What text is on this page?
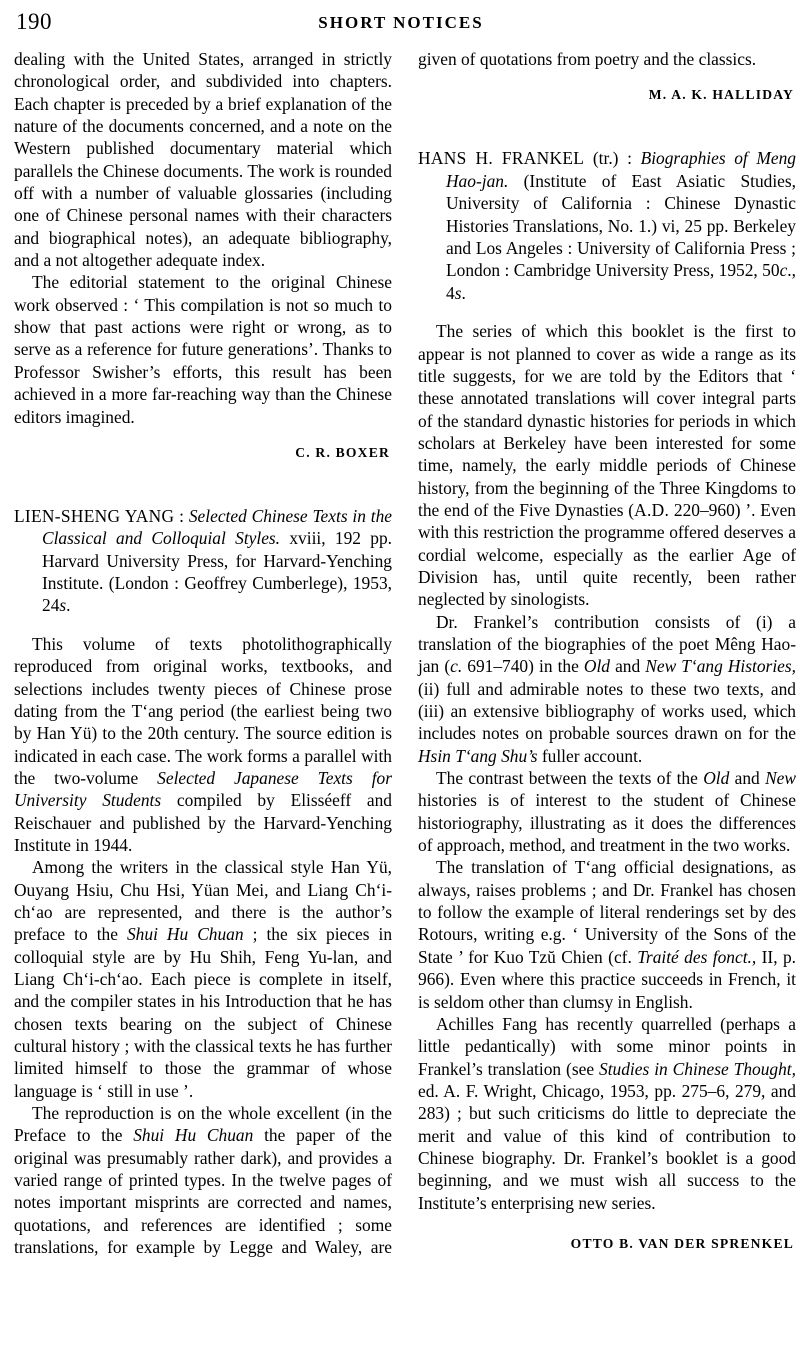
190	SHORT NOTICES

dealing with the United States, arranged in strictly chronological order, and subdivided into chapters. Each chapter is preceded by a brief explanation of the nature of the documents concerned, and a note on the Western published documentary material which parallels the Chinese documents. The work is rounded off with a number of valuable glossaries (including one of Chinese personal names with their characters and biographical notes), an adequate bibliography, and a not altogether adequate index.

The editorial statement to the original Chinese work observed : ‘ This compilation is not so much to show that past actions were right or wrong, as to serve as a reference for future generations’. Thanks to Professor Swisher’s efforts, this result has been achieved in a more far-reaching way than the Chinese editors imagined.

C. R. BOXER

LIEN-SHENG YANG : Selected Chinese Texts in the Classical and Colloquial Styles. xviii, 192 pp. Harvard University Press, for Harvard-Yenching Institute. (London : Geoffrey Cumberlege), 1953, 24s.

This volume of texts photolithographically reproduced from original works, textbooks, and selections includes twenty pieces of Chinese prose dating from the T‘ang period (the earliest being two by Han Yü) to the 20th century. The source edition is indicated in each case. The work forms a parallel with the two-volume Selected Japanese Texts for University Students compiled by Elisséeff and Reischauer and published by the Harvard-Yenching Institute in 1944.

Among the writers in the classical style Han Yü, Ouyang Hsiu, Chu Hsi, Yüan Mei, and Liang Ch‘i-ch‘ao are represented, and there is the author’s preface to the Shui Hu Chuan ; the six pieces in colloquial style are by Hu Shih, Feng Yu-lan, and Liang Ch‘i-ch‘ao. Each piece is complete in itself, and the compiler states in his Introduction that he has chosen texts bearing on the subject of Chinese cultural history ; with the classical texts he has further limited himself to those the grammar of whose language is ‘ still in use ’.

The reproduction is on the whole excellent (in the Preface to the Shui Hu Chuan the paper of the original was presumably rather dark), and provides a varied range of printed types. In the twelve pages of notes important misprints are corrected and names, quotations, and references are identified ; some translations, for example by Legge and Waley, are

given of quotations from poetry and the classics.

M. A. K. HALLIDAY

HANS H. FRANKEL (tr.) : Biographies of Meng Hao-jan. (Institute of East Asiatic Studies, University of California : Chinese Dynastic Histories Translations, No. 1.) vi, 25 pp. Berkeley and Los Angeles : University of California Press ; London : Cambridge University Press, 1952, 50c., 4s.

The series of which this booklet is the first to appear is not planned to cover as wide a range as its title suggests, for we are told by the Editors that ‘ these annotated translations will cover integral parts of the standard dynastic histories for periods in which scholars at Berkeley have been interested for some time, namely, the early middle periods of Chinese history, from the beginning of the Three Kingdoms to the end of the Five Dynasties (A.D. 220–960) ’. Even with this restriction the programme offered deserves a cordial welcome, especially as the earlier Age of Division has, until quite recently, been rather neglected by sinologists.

Dr. Frankel’s contribution consists of (i) a translation of the biographies of the poet Mêng Hao-jan (c. 691–740) in the Old and New T‘ang Histories, (ii) full and admirable notes to these two texts, and (iii) an extensive bibliography of works used, which includes notes on probable sources drawn on for the Hsin T‘ang Shu’s fuller account.

The contrast between the texts of the Old and New histories is of interest to the student of Chinese historiography, illustrating as it does the differences of approach, method, and treatment in the two works.

The translation of T‘ang official designations, as always, raises problems ; and Dr. Frankel has chosen to follow the example of literal renderings set by des Rotours, writing e.g. ‘ University of the Sons of the State ’ for Kuo Tzŭ Chien (cf. Traité des fonct., II, p. 966). Even where this practice succeeds in French, it is seldom other than clumsy in English.

Achilles Fang has recently quarrelled (perhaps a little pedantically) with some minor points in Frankel’s translation (see Studies in Chinese Thought, ed. A. F. Wright, Chicago, 1953, pp. 275–6, 279, and 283) ; but such criticisms do little to depreciate the merit and value of this kind of contribution to Chinese biography. Dr. Frankel’s booklet is a good beginning, and we must wish all success to the Institute’s enterprising new series.

OTTO B. VAN DER SPRENKEL
